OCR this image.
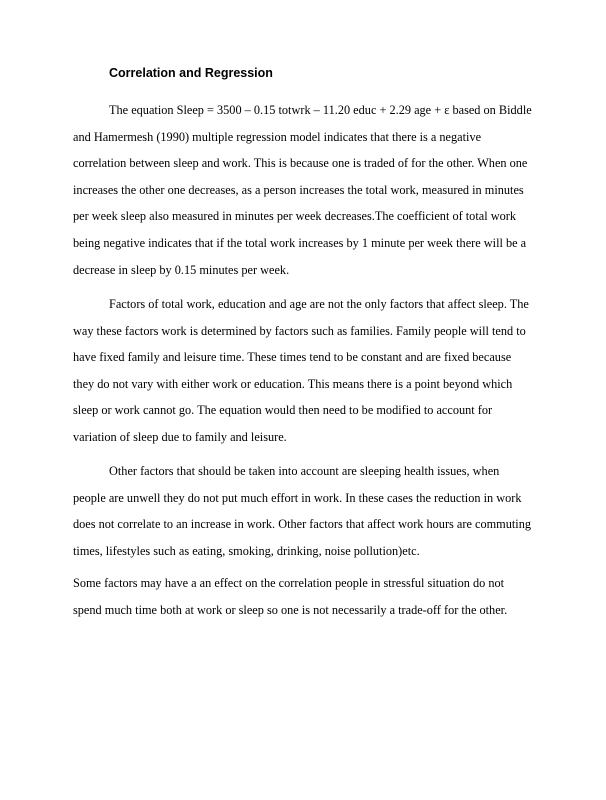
Correlation and Regression
The equation Sleep = 3500 – 0.15 totwrk – 11.20 educ + 2.29 age + ε based on Biddle
and Hamermesh (1990) multiple regression model indicates that there is a negative
correlation between sleep and work. This is because one is traded of for the other. When one
increases the other one decreases, as a person increases the total work, measured in minutes
per week sleep also measured in minutes per week decreases.The coefficient of total work
being negative indicates that if the total work increases by 1 minute per week there will be a
decrease in sleep by 0.15 minutes per week.
Factors of total work, education and age are not the only factors that affect sleep. The
way these factors work is determined by factors such as families. Family people will tend to
have fixed family and leisure time. These times tend to be constant and are fixed because
they do not vary with either work or education. This means there is a point beyond which
sleep or work cannot go. The equation would then need to be modified to account for
variation of sleep due to family and leisure.
Other factors that should be taken into account are sleeping health issues, when
people are unwell they do not put much effort in work. In these cases the reduction in work
does not correlate to an increase in work. Other factors that affect work hours are commuting
times, lifestyles such as eating, smoking, drinking, noise pollution)etc.
Some factors may have a an effect on the correlation people in stressful situation do not
spend much time both at work or sleep so one is not necessarily a trade-off for the other.
